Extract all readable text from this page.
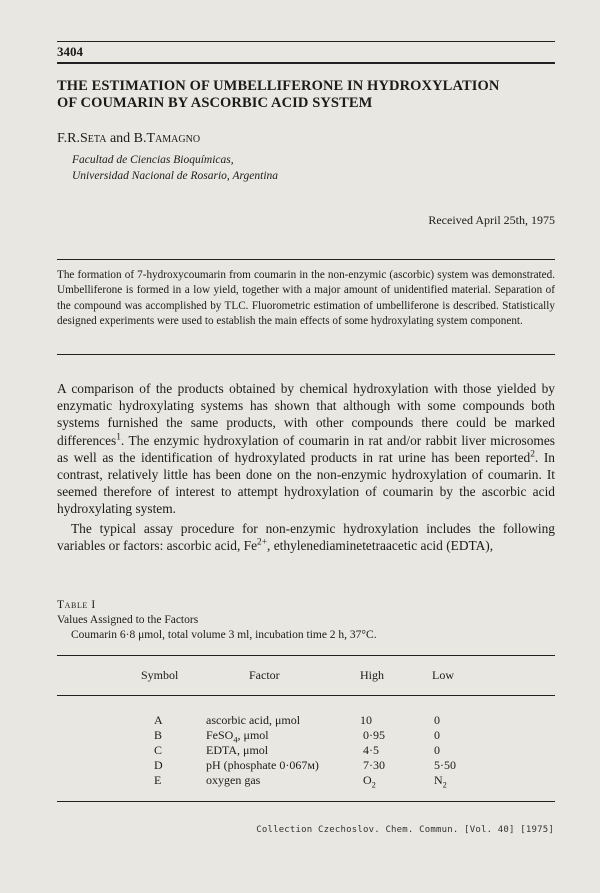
3404
THE ESTIMATION OF UMBELLIFERONE IN HYDROXYLATION
OF COUMARIN BY ASCORBIC ACID SYSTEM
F.R.Seta and B.Tamagno
Facultad de Ciencias Bioquímicas,
Universidad Nacional de Rosario, Argentina
Received April 25th, 1975
The formation of 7-hydroxycoumarin from coumarin in the non-enzymic (ascorbic) system was demonstrated. Umbelliferone is formed in a low yield, together with a major amount of unidentified material. Separation of the compound was accomplished by TLC. Fluorometric estimation of umbelliferone is described. Statistically designed experiments were used to establish the main effects of some hydroxylating system component.

A comparison of the products obtained by chemical hydroxylation with those yielded by enzymatic hydroxylating systems has shown that although with some compounds both systems furnished the same products, with other compounds there could be marked differences$^1$. The enzymic hydroxylation of coumarin in rat and/or rabbit liver microsomes as well as the identification of hydroxylated products in rat urine has been reported$^2$. In contrast, relatively little has been done on the non-enzymic hydroxylation of coumarin. It seemed therefore of interest to attempt hydroxylation of coumarin by the ascorbic acid hydroxylating system.

The typical assay procedure for non-enzymic hydroxylation includes the following variables or factors: ascorbic acid, $Fe^{2+}$, ethylenediaminetetraacetic acid (EDTA),

Table I
Values Assigned to the Factors
Coumarin 6·8 μmol, total volume 3 ml, incubation time 2 h, 37°C.
Symbol	Factor	High	Low
A	ascorbic acid, μmol	10	0
B	FeSO$_4$, μmol	0·95	0
C	EDTA, μmol	4·5	0
D	pH (phosphate 0·067м)	7·30	5·50
E	oxygen gas	$O_2$	$N_2$
Collection Czechoslov. Chem. Commun. [Vol. 40] [1975]
